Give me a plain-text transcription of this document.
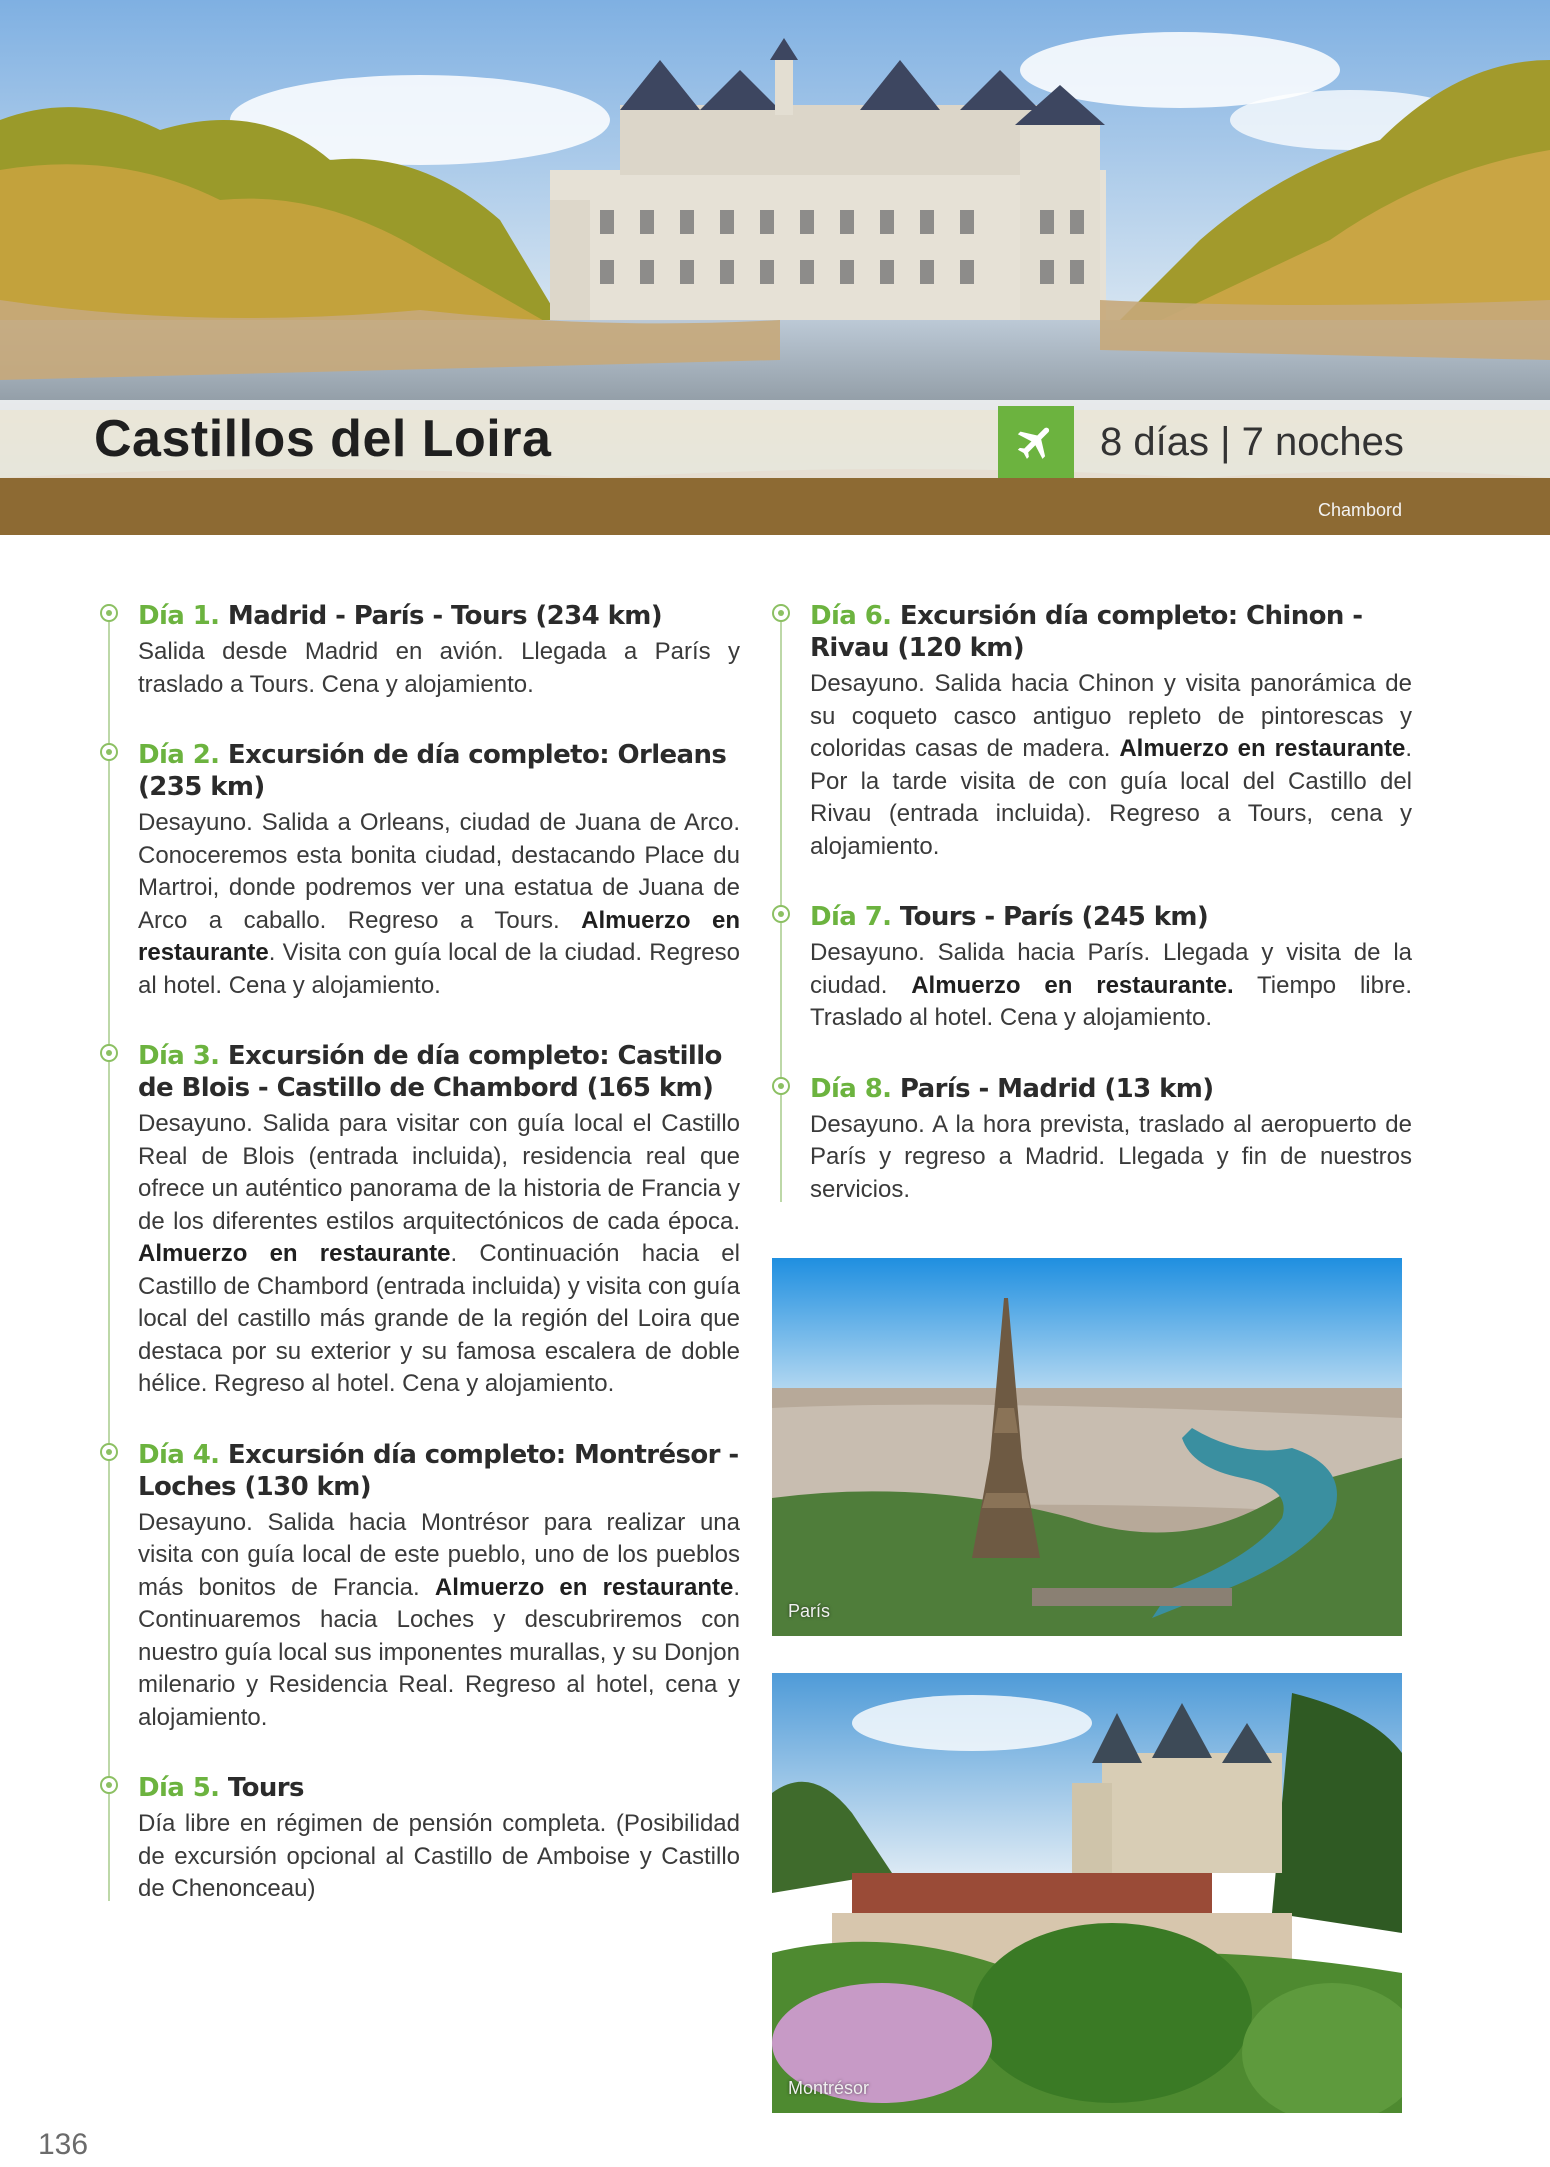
Castillos del Loira	8 días | 7 noches
Chambord
Día 1. Madrid - París - Tours (234 km)
Salida desde Madrid en avión. Llegada a París y traslado a Tours. Cena y alojamiento.
Día 2. Excursión de día completo: Orleans (235 km)
Desayuno. Salida a Orleans, ciudad de Juana de Arco. Conoceremos esta bonita ciudad, destacando Place du Martroi, donde podremos ver una estatua de Juana de Arco a caballo. Regreso a Tours. Almuerzo en restaurante. Visita con guía local de la ciudad. Regreso al hotel. Cena y alojamiento.
Día 3. Excursión de día completo: Castillo de Blois - Castillo de Chambord (165 km)
Desayuno. Salida para visitar con guía local el Castillo Real de Blois (entrada incluida), residencia real que ofrece un auténtico panorama de la historia de Francia y de los diferentes estilos arquitectónicos de cada época. Almuerzo en restaurante. Continuación hacia el Castillo de Chambord (entrada incluida) y visita con guía local del castillo más grande de la región del Loira que destaca por su exterior y su famosa escalera de doble hélice. Regreso al hotel. Cena y alojamiento.
Día 4. Excursión día completo: Montrésor - Loches (130 km)
Desayuno. Salida hacia Montrésor para realizar una visita con guía local de este pueblo, uno de los pueblos más bonitos de Francia. Almuerzo en restaurante. Continuaremos hacia Loches y descubriremos con nuestro guía local sus imponentes murallas, y su Donjon milenario y Residencia Real. Regreso al hotel, cena y alojamiento.
Día 5. Tours
Día libre en régimen de pensión completa. (Posibilidad de excursión opcional al Castillo de Amboise y Castillo de Chenonceau)
Día 6. Excursión día completo: Chinon - Rivau (120 km)
Desayuno. Salida hacia Chinon y visita panorámica de su coqueto casco antiguo repleto de pintorescas y coloridas casas de madera. Almuerzo en restaurante. Por la tarde visita de con guía local del Castillo del Rivau (entrada incluida). Regreso a Tours, cena y alojamiento.
Día 7. Tours - París (245 km)
Desayuno. Salida hacia París. Llegada y visita de la ciudad. Almuerzo en restaurante. Tiempo libre. Traslado al hotel. Cena y alojamiento.
Día 8. París - Madrid (13 km)
Desayuno. A la hora prevista, traslado al aeropuerto de París y regreso a Madrid. Llegada y fin de nuestros servicios.
París
Montrésor
136
